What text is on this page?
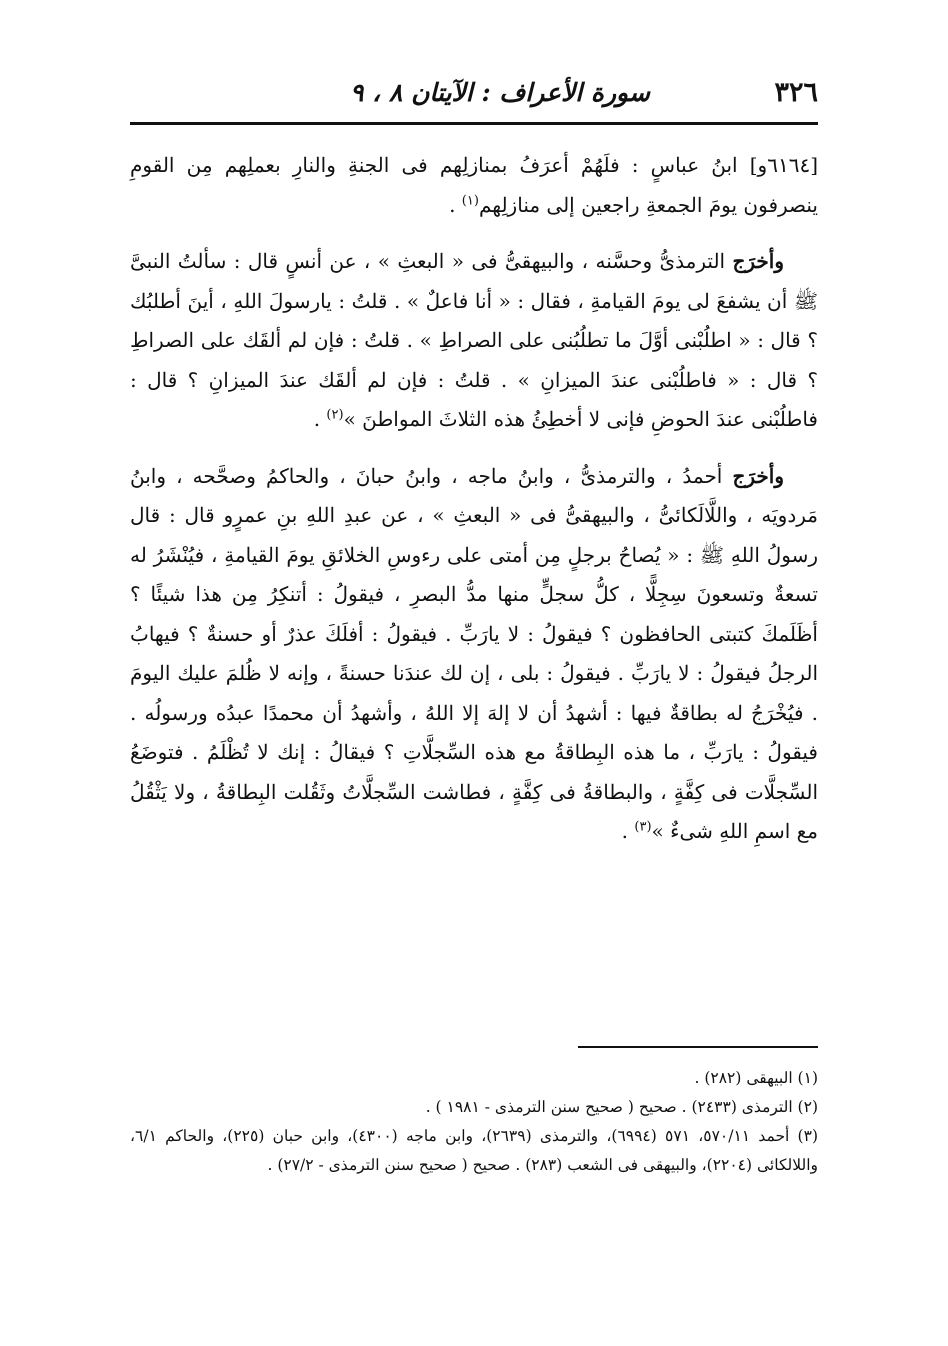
٣٢٦
سورة الأعراف : الآيتان ٨ ، ٩

[٦١٦٤و] ابنُ عباسٍ : فلَهُمْ أعرَفُ بمنازلِهم فى الجنةِ والنارِ بعملِهم مِن القومِ ينصرفون يومَ الجمعةِ راجعين إلى منازلِهم$^{(١)}$ .

وأخرَج الترمذىُّ وحسَّنه ، والبيهقىُّ فى « البعثِ » ، عن أنسٍ قال : سألتُ النبىَّ ﷺ أن يشفعَ لى يومَ القيامةِ ، فقال : « أنا فاعلٌ » . قلتُ : يارسولَ اللهِ ، أينَ أطلبُك ؟ قال : « اطلُبْنى أوَّلَ ما تطلُبُنى على الصراطِ » . قلتُ : فإن لم ألقَك على الصراطِ ؟ قال : « فاطلُبْنى عندَ الميزانِ » . قلتُ : فإن لم ألقَك عندَ الميزانِ ؟ قال : فاطلُبْنى عندَ الحوضِ فإنى لا أخطِئُ هذه الثلاثَ المواطنَ »$^{(٢)}$ .

وأخرَج أحمدُ ، والترمذىُّ ، وابنُ ماجه ، وابنُ حبانَ ، والحاكمُ وصحَّحه ، وابنُ مَردويَه ، واللَّالَكائىُّ ، والبيهقىُّ فى « البعثِ » ، عن عبدِ اللهِ بنِ عمرٍو قال : قال رسولُ اللهِ ﷺ : « يُصاحُ برجلٍ مِن أمتى على رءوسِ الخلائقِ يومَ القيامةِ ، فيُنْشَرُ له تسعةٌ وتسعونَ سِجِلًّا ، كلُّ سجلٍّ منها مدُّ البصرِ ، فيقولُ : أتنكِرُ مِن هذا شيئًا ؟ أظَلَمكَ كتبتى الحافظون ؟ فيقولُ : لا يارَبِّ . فيقولُ : أفلَكَ عذرٌ أو حسنةٌ ؟ فيهابُ الرجلُ فيقولُ : لا يارَبِّ . فيقولُ : بلى ، إن لك عندَنا حسنةً ، وإنه لا ظُلمَ عليك اليومَ . فيُخْرَجُ له بطاقةٌ فيها : أشهدُ أن لا إلهَ إلا اللهُ ، وأشهدُ أن محمدًا عبدُه ورسولُه . فيقولُ : يارَبِّ ، ما هذه البِطاقةُ مع هذه السِّجلَّاتِ ؟ فيقالُ : إنك لا تُظْلَمُ . فتوضَعُ السِّجلَّات فى كِفَّةٍ ، والبطاقةُ فى كِفَّةٍ ، فطاشت السِّجلَّاتُ وثَقُلت البِطاقةُ ، ولا يَثْقُلُ مع اسمِ اللهِ شىءٌ »$^{(٣)}$ .

(١) البيهقى (٢٨٢) .

(٢) الترمذى (٢٤٣٣) . صحيح ( صحيح سنن الترمذى - ١٩٨١ ) .

(٣) أحمد ٥٧٠/١١، ٥٧١ (٦٩٩٤)، والترمذى (٢٦٣٩)، وابن ماجه (٤٣٠٠)، وابن حبان (٢٢٥)، والحاكم ٦/١، واللالكائى (٢٢٠٤)، والبيهقى فى الشعب (٢٨٣) . صحيح ( صحيح سنن الترمذى - ٢٧/٢) .
